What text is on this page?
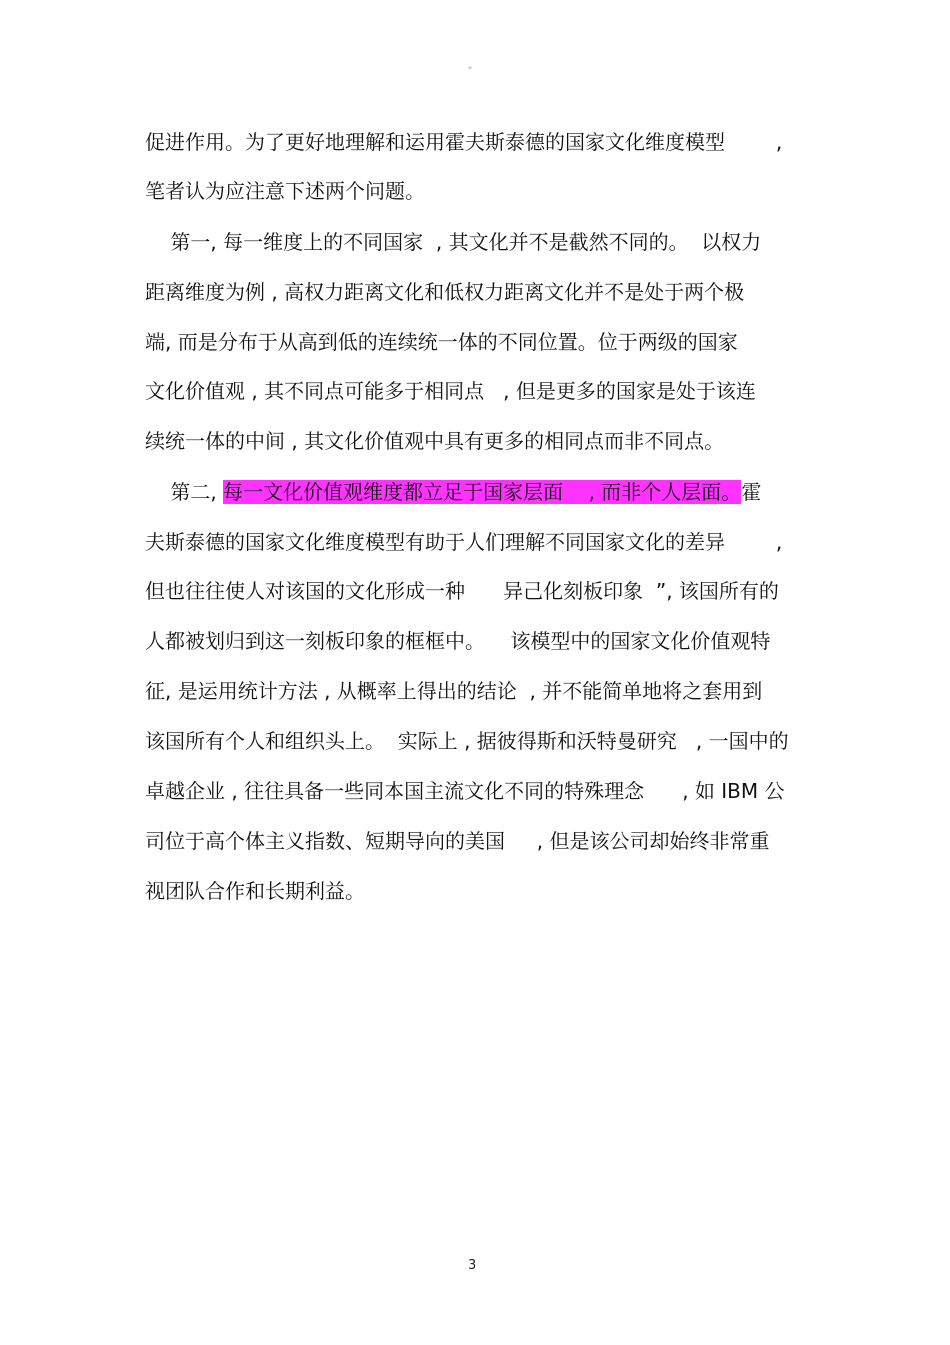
"
促进作用。为了更好地理解和运用霍夫斯泰德的国家文化维度模型        ,
笔者认为应注意下述两个问题。
第一, 每一维度上的不同国家  , 其文化并不是截然不同的。  以权力
距离维度为例 , 高权力距离文化和低权力距离文化并不是处于两个极
端, 而是分布于从高到低的连续统一体的不同位置。位于两级的国家
文化价值观 , 其不同点可能多于相同点   , 但是更多的国家是处于该连
续统一体的中间 , 其文化价值观中具有更多的相同点而非不同点。
第二, 每一文化价值观维度都立足于国家层面    , 而非个人层面。霍
夫斯泰德的国家文化维度模型有助于人们理解不同国家文化的差异        ,
但也往往使人对该国的文化形成一种      异己化刻板印象  ”, 该国所有的
人都被划归到这一刻板印象的框框中。    该模型中的国家文化价值观特
征, 是运用统计方法 , 从概率上得出的结论  , 并不能简单地将之套用到
该国所有个人和组织头上。  实际上 , 据彼得斯和沃特曼研究   , 一国中的
卓越企业 , 往往具备一些同本国主流文化不同的特殊理念      , 如 IBM 公
司位于高个体主义指数、短期导向的美国     , 但是该公司却始终非常重
视团队合作和长期利益。
3
